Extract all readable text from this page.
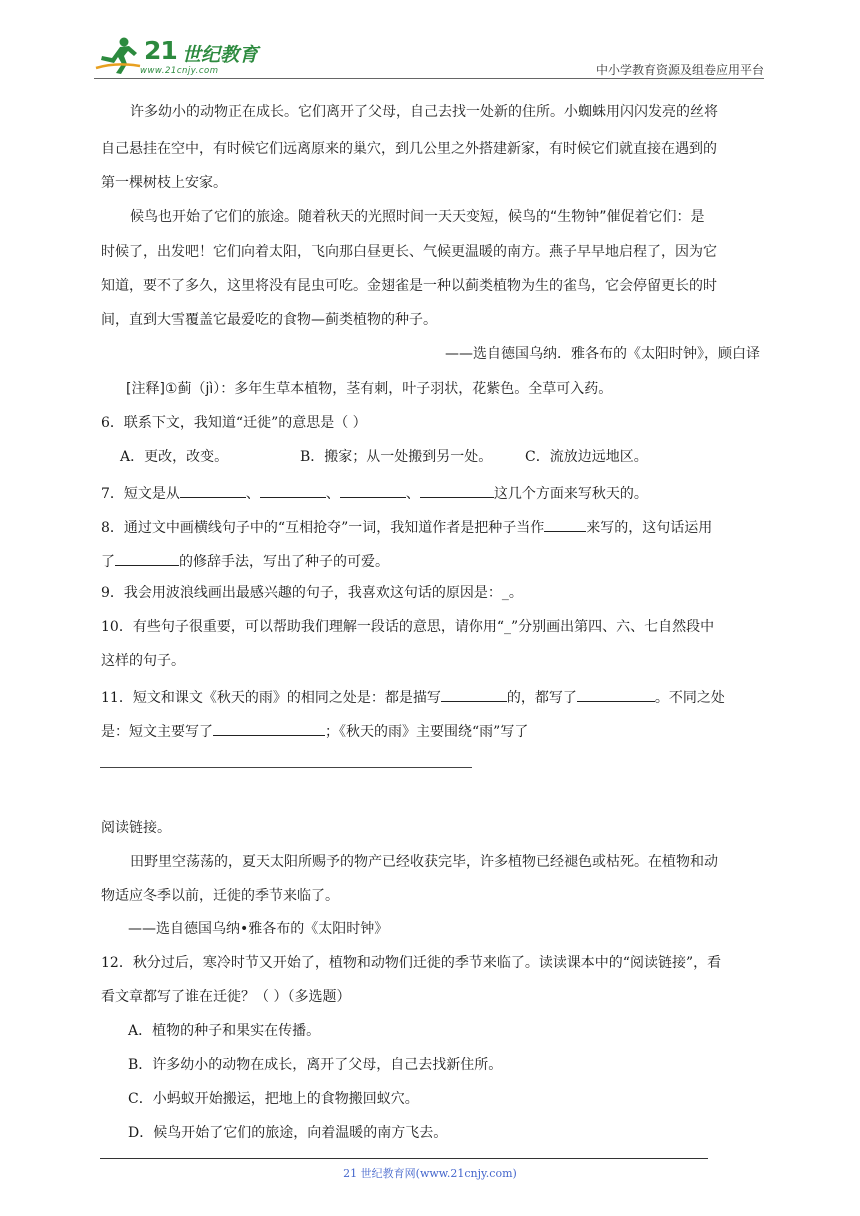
21 世纪教育
www.21cnjy.com	中小学教育资源及组卷应用平台
许多幼小的动物正在成长。它们离开了父母，自己去找一处新的住所。小蜘蛛用闪闪发亮的丝将
自己悬挂在空中，有时候它们远离原来的巢穴，到几公里之外搭建新家，有时候它们就直接在遇到的
第一棵树枝上安家。
候鸟也开始了它们的旅途。随着秋天的光照时间一天天变短，候鸟的“生物钟”催促着它们：是
时候了，出发吧！它们向着太阳，飞向那白昼更长、气候更温暖的南方。燕子早早地启程了，因为它
知道，要不了多久，这里将没有昆虫可吃。金翅雀是一种以蓟类植物为生的雀鸟，它会停留更长的时
间，直到大雪覆盖它最爱吃的食物—蓟类植物的种子。
——选自德国乌纳．雅各布的《太阳时钟》，顾白译
[注释]①蓟（jì）：多年生草本植物，茎有刺，叶子羽状，花紫色。全草可入药。
6．联系下文，我知道“迁徙”的意思是（ ）
A．更改，改变。	B．搬家；从一处搬到另一处。 C．流放边远地区。
7．短文是从	、	、	、	这几个方面来写秋天的。
8．通过文中画横线句子中的“互相抢夺”一词，我知道作者是把种子当作	来写的，这句话运用
了	的修辞手法，写出了种子的可爱。
9．我会用波浪线画出最感兴趣的句子，我喜欢这句话的原因是：_。
10．有些句子很重要，可以帮助我们理解一段话的意思，请你用“_”分别画出第四、六、七自然段中
这样的句子。
11．短文和课文《秋天的雨》的相同之处是：都是描写	的，都写了	。不同之处
是：短文主要写了	；《秋天的雨》主要围绕“雨”写了
阅读链接。
田野里空荡荡的，夏天太阳所赐予的物产已经收获完毕，许多植物已经褪色或枯死。在植物和动
物适应冬季以前，迁徙的季节来临了。
——选自德国乌纳•雅各布的《太阳时钟》
12．秋分过后，寒冷时节又开始了，植物和动物们迁徙的季节来临了。读读课本中的“阅读链接”，看
看文章都写了谁在迁徙？（ ）（多选题）
A．植物的种子和果实在传播。
B．许多幼小的动物在成长，离开了父母，自己去找新住所。
C．小蚂蚁开始搬运，把地上的食物搬回蚁穴。
D．候鸟开始了它们的旅途，向着温暖的南方飞去。
21 世纪教育网(www.21cnjy.com)
